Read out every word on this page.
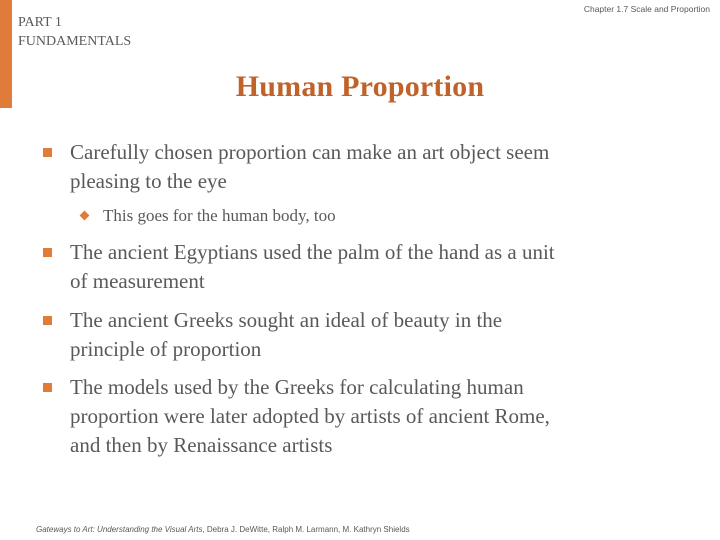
PART 1
FUNDAMENTALS
Chapter 1.7 Scale and Proportion
Human Proportion
Carefully chosen proportion can make an art object seem
pleasing to the eye
This goes for the human body, too
The ancient Egyptians used the palm of the hand as a unit
of measurement
The ancient Greeks sought an ideal of beauty in the
principle of proportion
The models used by the Greeks for calculating human
proportion were later adopted by artists of ancient Rome,
and then by Renaissance artists
Gateways to Art: Understanding the Visual Arts, Debra J. DeWitte, Ralph M. Larmann, M. Kathryn Shields
